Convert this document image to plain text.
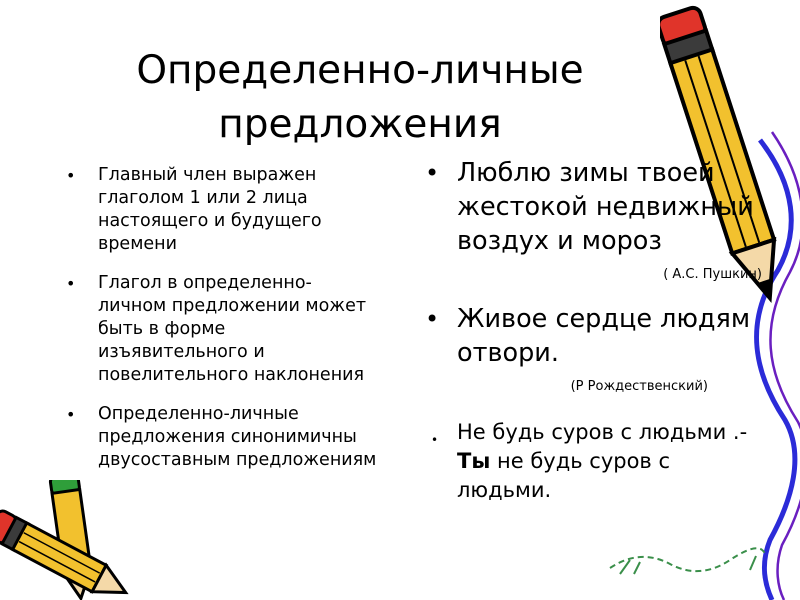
Определенно-личные предложения
• Главный член выражен глаголом 1 или 2 лица настоящего и будущего времени
• Глагол в определенно-личном предложении может быть в форме изъявительного и повелительного наклонения
• Определенно-личные предложения синонимичны двусоставным предложениям
• Люблю зимы твоей жестокой недвижный воздух и мороз
( А.С. Пушкин)
• Живое сердце людям отвори.
(Р Рождественский)
• Не будь суров с людьми .-Ты не будь суров с людьми.
